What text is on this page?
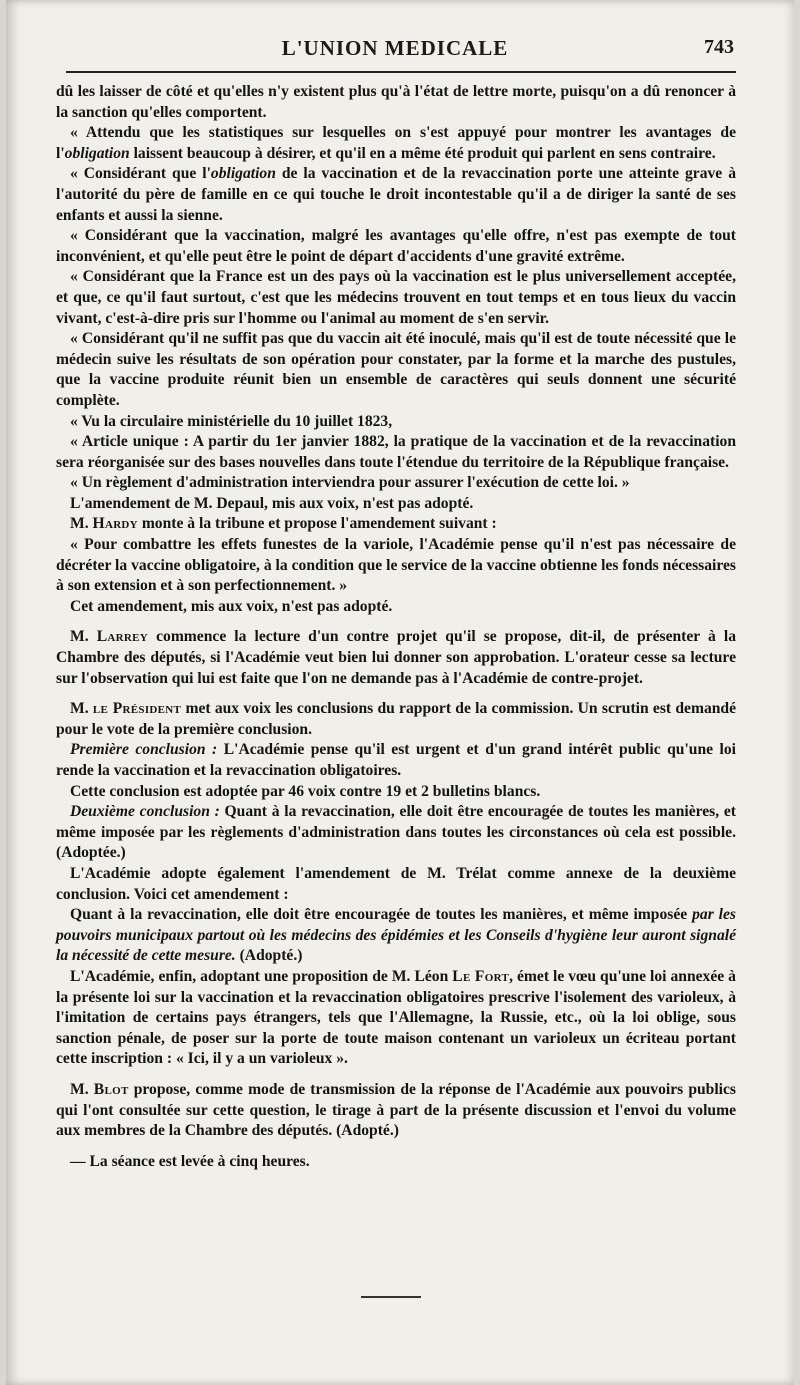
L'UNION MEDICALE	743

dû les laisser de côté et qu'elles n'y existent plus qu'à l'état de lettre morte, puisqu'on a dû renoncer à la sanction qu'elles comportent.

« Attendu que les statistiques sur lesquelles on s'est appuyé pour montrer les avantages de l'obligation laissent beaucoup à désirer, et qu'il en a même été produit qui parlent en sens contraire.

« Considérant que l'obligation de la vaccination et de la revaccination porte une atteinte grave à l'autorité du père de famille en ce qui touche le droit incontestable qu'il a de diriger la santé de ses enfants et aussi la sienne.

« Considérant que la vaccination, malgré les avantages qu'elle offre, n'est pas exempte de tout inconvénient, et qu'elle peut être le point de départ d'accidents d'une gravité extrême.

« Considérant que la France est un des pays où la vaccination est le plus universellement acceptée, et que, ce qu'il faut surtout, c'est que les médecins trouvent en tout temps et en tous lieux du vaccin vivant, c'est-à-dire pris sur l'homme ou l'animal au moment de s'en servir.

« Considérant qu'il ne suffit pas que du vaccin ait été inoculé, mais qu'il est de toute nécessité que le médecin suive les résultats de son opération pour constater, par la forme et la marche des pustules, que la vaccine produite réunit bien un ensemble de caractères qui seuls donnent une sécurité complète.

« Vu la circulaire ministérielle du 10 juillet 1823,

« Article unique : A partir du 1er janvier 1882, la pratique de la vaccination et de la revaccination sera réorganisée sur des bases nouvelles dans toute l'étendue du territoire de la République française.

« Un règlement d'administration interviendra pour assurer l'exécution de cette loi. »

L'amendement de M. Depaul, mis aux voix, n'est pas adopté.

M. Hardy monte à la tribune et propose l'amendement suivant :

« Pour combattre les effets funestes de la variole, l'Académie pense qu'il n'est pas nécessaire de décréter la vaccine obligatoire, à la condition que le service de la vaccine obtienne les fonds nécessaires à son extension et à son perfectionnement. »

Cet amendement, mis aux voix, n'est pas adopté.

M. Larrey commence la lecture d'un contre projet qu'il se propose, dit-il, de présenter à la Chambre des députés, si l'Académie veut bien lui donner son approbation. L'orateur cesse sa lecture sur l'observation qui lui est faite que l'on ne demande pas à l'Académie de contre-projet.

M. le Président met aux voix les conclusions du rapport de la commission. Un scrutin est demandé pour le vote de la première conclusion.

Première conclusion : L'Académie pense qu'il est urgent et d'un grand intérêt public qu'une loi rende la vaccination et la revaccination obligatoires.

Cette conclusion est adoptée par 46 voix contre 19 et 2 bulletins blancs.

Deuxième conclusion : Quant à la revaccination, elle doit être encouragée de toutes les manières, et même imposée par les règlements d'administration dans toutes les circonstances où cela est possible. (Adoptée.)

L'Académie adopte également l'amendement de M. Trélat comme annexe de la deuxième conclusion. Voici cet amendement :

Quant à la revaccination, elle doit être encouragée de toutes les manières, et même imposée par les pouvoirs municipaux partout où les médecins des épidémies et les Conseils d'hygiène leur auront signalé la nécessité de cette mesure. (Adopté.)

L'Académie, enfin, adoptant une proposition de M. Léon Le Fort, émet le vœu qu'une loi annexée à la présente loi sur la vaccination et la revaccination obligatoires prescrive l'isolement des varioleux, à l'imitation de certains pays étrangers, tels que l'Allemagne, la Russie, etc., où la loi oblige, sous sanction pénale, de poser sur la porte de toute maison contenant un varioleux un écriteau portant cette inscription : « Ici, il y a un varioleux ».

M. Blot propose, comme mode de transmission de la réponse de l'Académie aux pouvoirs publics qui l'ont consultée sur cette question, le tirage à part de la présente discussion et l'envoi du volume aux membres de la Chambre des députés. (Adopté.)

— La séance est levée à cinq heures.
